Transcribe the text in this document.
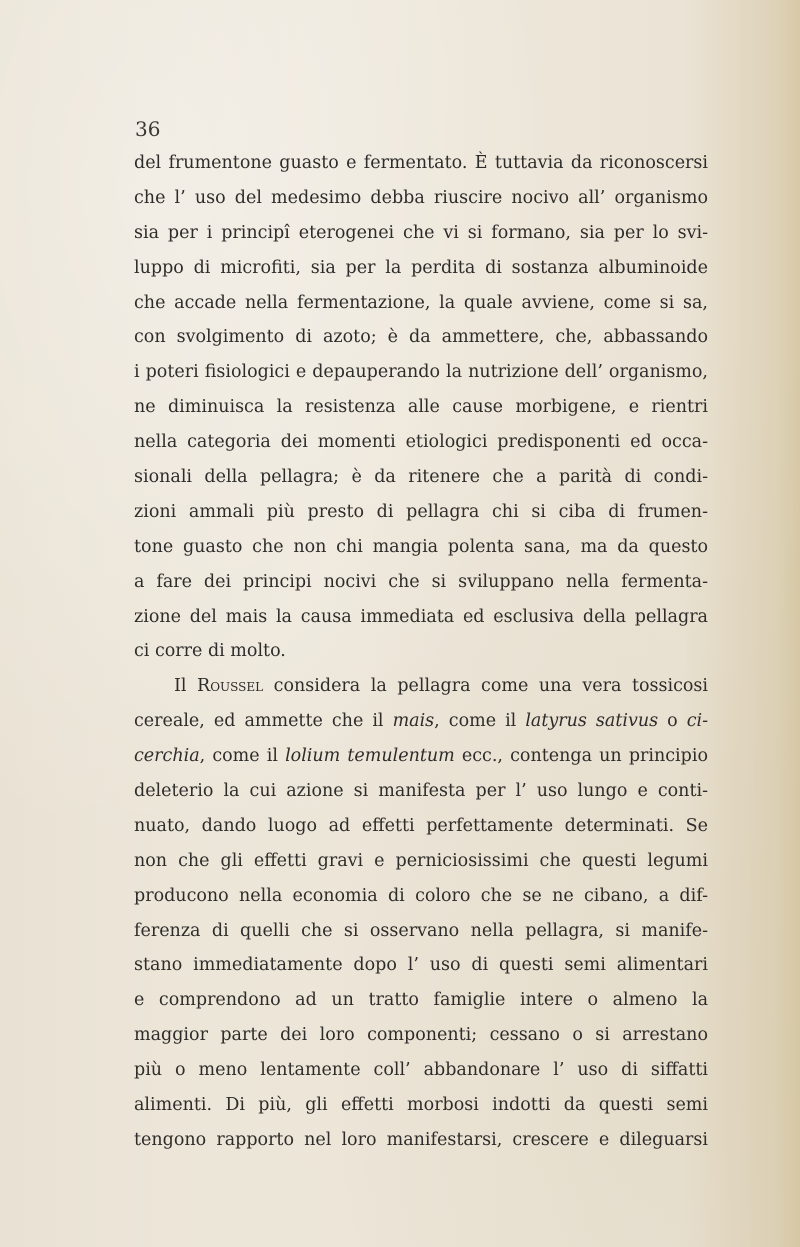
36
del frumentone guasto e fermentato. È tuttavia da riconoscersi
che l’ uso del medesimo debba riuscire nocivo all’ organismo
sia per i principî eterogenei che vi si formano, sia per lo svi-
luppo di microfiti, sia per la perdita di sostanza albuminoide
che accade nella fermentazione, la quale avviene, come si sa,
con svolgimento di azoto; è da ammettere, che, abbassando
i poteri fisiologici e depauperando la nutrizione dell’ organismo,
ne diminuisca la resistenza alle cause morbigene, e rientri
nella categoria dei momenti etiologici predisponenti ed occa-
sionali della pellagra; è da ritenere che a parità di condi-
zioni ammali più presto di pellagra chi si ciba di frumen-
tone guasto che non chi mangia polenta sana, ma da questo
a fare dei principi nocivi che si sviluppano nella fermenta-
zione del mais la causa immediata ed esclusiva della pellagra
ci corre di molto.
Il Roussel considera la pellagra come una vera tossicosi
cereale, ed ammette che il mais, come il latyrus sativus o ci-
cerchia, come il lolium temulentum ecc., contenga un principio
deleterio la cui azione si manifesta per l’ uso lungo e conti-
nuato, dando luogo ad effetti perfettamente determinati. Se
non che gli effetti gravi e perniciosissimi che questi legumi
producono nella economia di coloro che se ne cibano, a dif-
ferenza di quelli che si osservano nella pellagra, si manife-
stano immediatamente dopo l’ uso di questi semi alimentari
e comprendono ad un tratto famiglie intere o almeno la
maggior parte dei loro componenti; cessano o si arrestano
più o meno lentamente coll’ abbandonare l’ uso di siffatti
alimenti. Di più, gli effetti morbosi indotti da questi semi
tengono rapporto nel loro manifestarsi, crescere e dileguarsi
